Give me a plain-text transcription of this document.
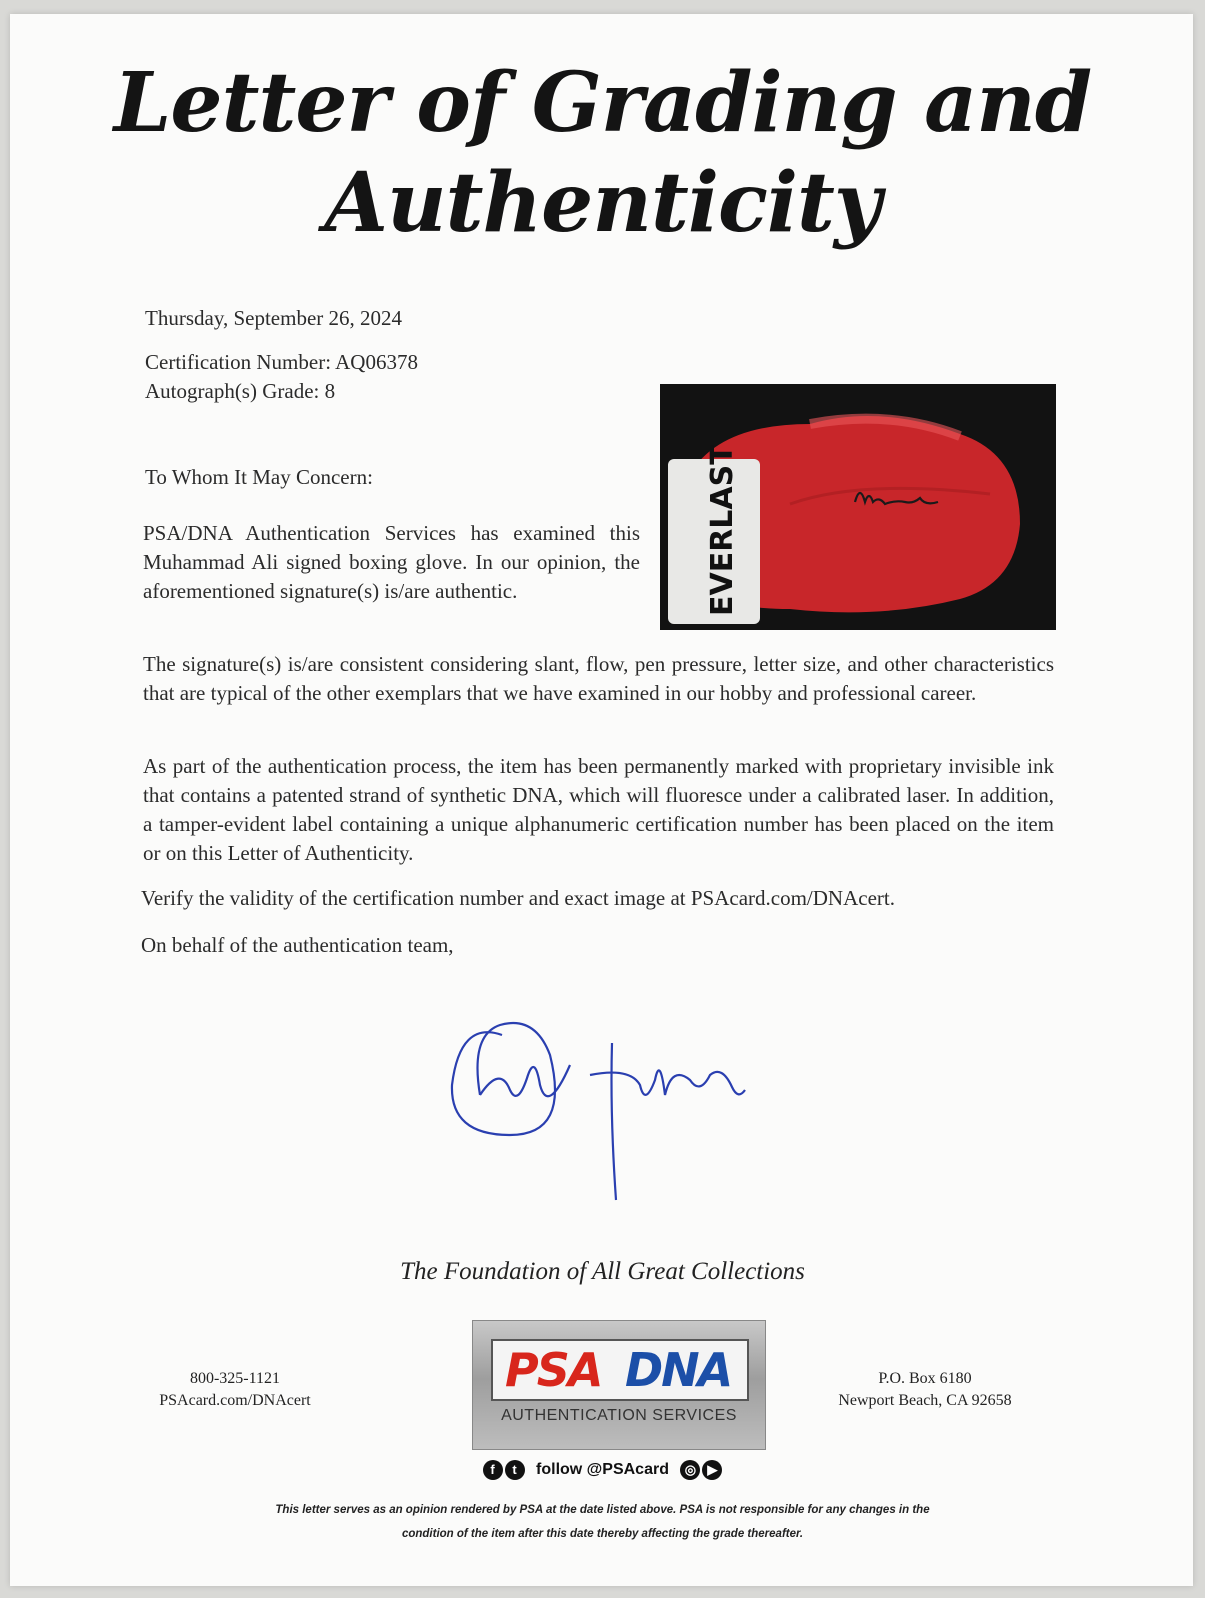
Letter of Grading and
Authenticity
Thursday, September 26, 2024
Certification Number: AQ06378
Autograph(s) Grade: 8
To Whom It May Concern:
PSA/DNA Authentication Services has examined this Muhammad Ali signed boxing glove. In our opinion, the aforementioned signature(s) is/are authentic.	EVERLAST
The signature(s) is/are consistent considering slant, flow, pen pressure, letter size, and other characteristics that are typical of the other exemplars that we have examined in our hobby and professional career.
As part of the authentication process, the item has been permanently marked with proprietary invisible ink that contains a patented strand of synthetic DNA, which will fluoresce under a calibrated laser. In addition, a tamper-evident label containing a unique alphanumeric certification number has been placed on the item or on this Letter of Authenticity.
Verify the validity of the certification number and exact image at PSAcard.com/DNAcert.
On behalf of the authentication team,
The Foundation of All Great Collections
800-325-1121
PSAcard.com/DNAcert
PSA DNA
AUTHENTICATION SERVICES
P.O. Box 6180
Newport Beach, CA 92658
f t follow @PSAcard ◎ ▶
This letter serves as an opinion rendered by PSA at the date listed above. PSA is not responsible for any changes in the
condition of the item after this date thereby affecting the grade thereafter.
